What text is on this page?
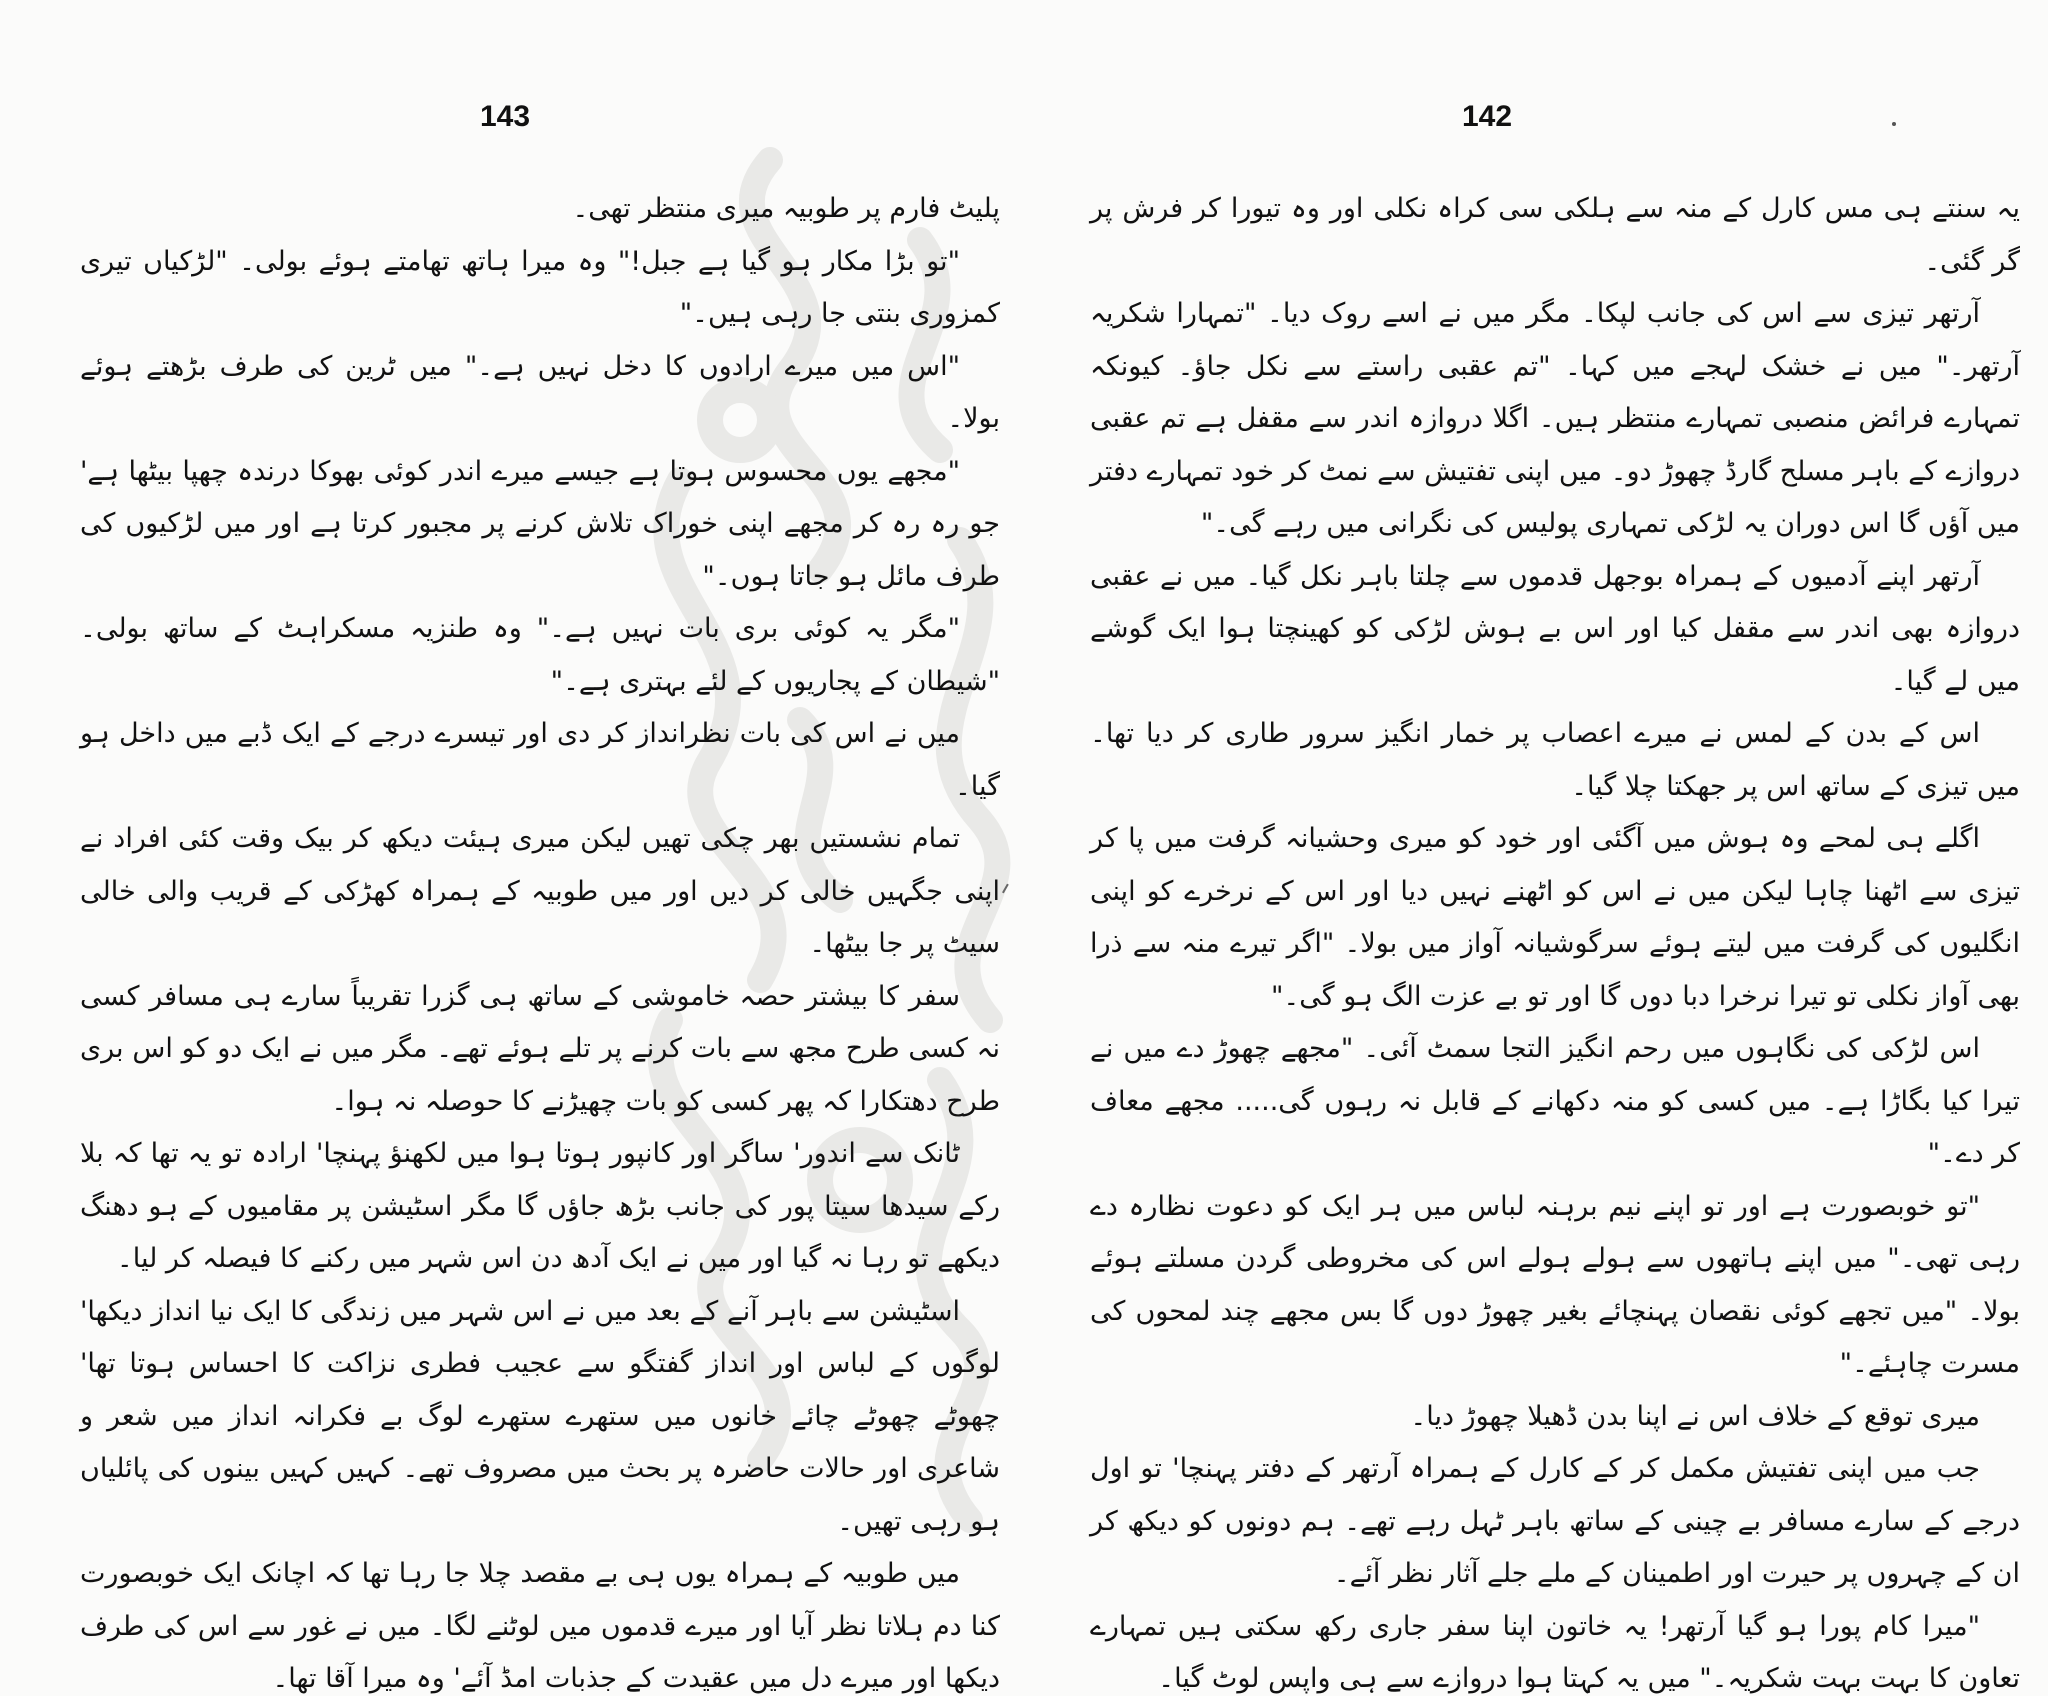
143

پلیٹ فارم پر طوبیہ میری منتظر تھی۔

"تو بڑا مکار ہو گیا ہے جبل!" وہ میرا ہاتھ تھامتے ہوئے بولی۔ "لڑکیاں تیری کمزوری بنتی جا رہی ہیں۔"

"اس میں میرے ارادوں کا دخل نہیں ہے۔" میں ٹرین کی طرف بڑھتے ہوئے بولا۔

"مجھے یوں محسوس ہوتا ہے جیسے میرے اندر کوئی بھوکا درندہ چھپا بیٹھا ہے' جو رہ رہ کر مجھے اپنی خوراک تلاش کرنے پر مجبور کرتا ہے اور میں لڑکیوں کی طرف مائل ہو جاتا ہوں۔"

"مگر یہ کوئی بری بات نہیں ہے۔" وہ طنزیہ مسکراہٹ کے ساتھ بولی۔ "شیطان کے پجاریوں کے لئے بہتری ہے۔"

میں نے اس کی بات نظرانداز کر دی اور تیسرے درجے کے ایک ڈبے میں داخل ہو گیا۔

تمام نشستیں بھر چکی تھیں لیکن میری ہیئت دیکھ کر بیک وقت کئی افراد نے اپنی جگہیں خالی کر دیں اور میں طوبیہ کے ہمراہ کھڑکی کے قریب والی خالی سیٹ پر جا بیٹھا۔

سفر کا بیشتر حصہ خاموشی کے ساتھ ہی گزرا تقریباً سارے ہی مسافر کسی نہ کسی طرح مجھ سے بات کرنے پر تلے ہوئے تھے۔ مگر میں نے ایک دو کو اس بری طرح دھتکارا کہ پھر کسی کو بات چھیڑنے کا حوصلہ نہ ہوا۔

ٹانک سے اندور' ساگر اور کانپور ہوتا ہوا میں لکھنؤ پہنچا' ارادہ تو یہ تھا کہ بلا رکے سیدھا سیتا پور کی جانب بڑھ جاؤں گا مگر اسٹیشن پر مقامیوں کے ہو دھنگ دیکھے تو رہا نہ گیا اور میں نے ایک آدھ دن اس شہر میں رکنے کا فیصلہ کر لیا۔

اسٹیشن سے باہر آنے کے بعد میں نے اس شہر میں زندگی کا ایک نیا انداز دیکھا' لوگوں کے لباس اور انداز گفتگو سے عجیب فطری نزاکت کا احساس ہوتا تھا' چھوٹے چھوٹے چائے خانوں میں ستھرے ستھرے لوگ بے فکرانہ انداز میں شعر و شاعری اور حالات حاضرہ پر بحث میں مصروف تھے۔ کہیں کہیں بینوں کی پائلیاں ہو رہی تھیں۔

میں طوبیہ کے ہمراہ یوں ہی بے مقصد چلا جا رہا تھا کہ اچانک ایک خوبصورت کنا دم ہلاتا نظر آیا اور میرے قدموں میں لوٹنے لگا۔ میں نے غور سے اس کی طرف دیکھا اور میرے دل میں عقیدت کے جذبات امڈ آئے' وہ میرا آقا تھا۔

142

یہ سنتے ہی مس کارل کے منہ سے ہلکی سی کراہ نکلی اور وہ تیورا کر فرش پر گر گئی۔

آرتھر تیزی سے اس کی جانب لپکا۔ مگر میں نے اسے روک دیا۔ "تمہارا شکریہ آرتھر۔" میں نے خشک لہجے میں کہا۔ "تم عقبی راستے سے نکل جاؤ۔ کیونکہ تمہارے فرائض منصبی تمہارے منتظر ہیں۔ اگلا دروازہ اندر سے مقفل ہے تم عقبی دروازے کے باہر مسلح گارڈ چھوڑ دو۔ میں اپنی تفتیش سے نمٹ کر خود تمہارے دفتر میں آؤں گا اس دوران یہ لڑکی تمہاری پولیس کی نگرانی میں رہے گی۔"

آرتھر اپنے آدمیوں کے ہمراہ بوجھل قدموں سے چلتا باہر نکل گیا۔ میں نے عقبی دروازہ بھی اندر سے مقفل کیا اور اس بے ہوش لڑکی کو کھینچتا ہوا ایک گوشے میں لے گیا۔

اس کے بدن کے لمس نے میرے اعصاب پر خمار انگیز سرور طاری کر دیا تھا۔ میں تیزی کے ساتھ اس پر جھکتا چلا گیا۔

اگلے ہی لمحے وہ ہوش میں آگئی اور خود کو میری وحشیانہ گرفت میں پا کر تیزی سے اٹھنا چاہا لیکن میں نے اس کو اٹھنے نہیں دیا اور اس کے نرخرے کو اپنی انگلیوں کی گرفت میں لیتے ہوئے سرگوشیانہ آواز میں بولا۔ "اگر تیرے منہ سے ذرا بھی آواز نکلی تو تیرا نرخرا دبا دوں گا اور تو بے عزت الگ ہو گی۔"

اس لڑکی کی نگاہوں میں رحم انگیز التجا سمٹ آئی۔ "مجھے چھوڑ دے میں نے تیرا کیا بگاڑا ہے۔ میں کسی کو منہ دکھانے کے قابل نہ رہوں گی..... مجھے معاف کر دے۔"

"تو خوبصورت ہے اور تو اپنے نیم برہنہ لباس میں ہر ایک کو دعوت نظارہ دے رہی تھی۔" میں اپنے ہاتھوں سے ہولے ہولے اس کی مخروطی گردن مسلتے ہوئے بولا۔ "میں تجھے کوئی نقصان پہنچائے بغیر چھوڑ دوں گا بس مجھے چند لمحوں کی مسرت چاہئے۔"

میری توقع کے خلاف اس نے اپنا بدن ڈھیلا چھوڑ دیا۔

جب میں اپنی تفتیش مکمل کر کے کارل کے ہمراہ آرتھر کے دفتر پہنچا' تو اول درجے کے سارے مسافر بے چینی کے ساتھ باہر ٹہل رہے تھے۔ ہم دونوں کو دیکھ کر ان کے چہروں پر حیرت اور اطمینان کے ملے جلے آثار نظر آئے۔

"میرا کام پورا ہو گیا آرتھر! یہ خاتون اپنا سفر جاری رکھ سکتی ہیں تمہارے تعاون کا بہت بہت شکریہ۔" میں یہ کہتا ہوا دروازے سے ہی واپس لوٹ گیا۔
